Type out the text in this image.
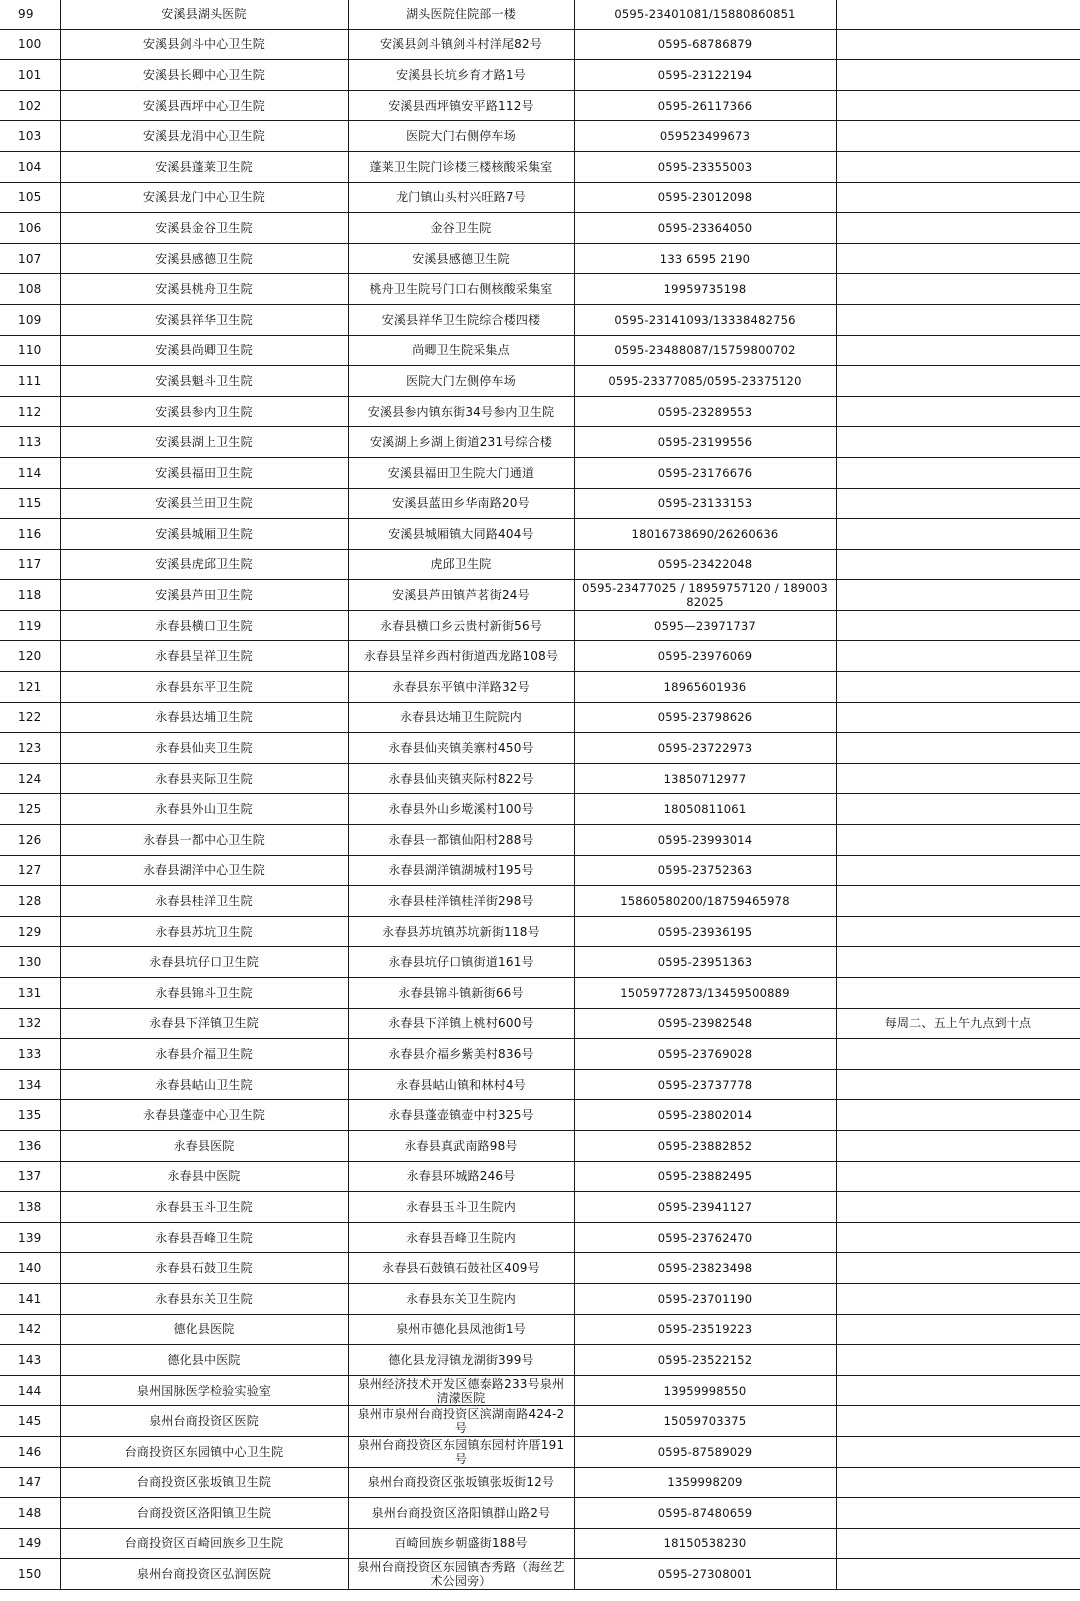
99	安溪县湖头医院	湖头医院住院部一楼	0595-23401081/15880860851	
100	安溪县剑斗中心卫生院	安溪县剑斗镇剑斗村洋尾82号	0595-68786879	
101	安溪县长卿中心卫生院	安溪县长坑乡育才路1号	0595-23122194	
102	安溪县西坪中心卫生院	安溪县西坪镇安平路112号	0595-26117366	
103	安溪县龙涓中心卫生院	医院大门右侧停车场	059523499673	
104	安溪县蓬莱卫生院	蓬莱卫生院门诊楼三楼核酸采集室	0595-23355003	
105	安溪县龙门中心卫生院	龙门镇山头村兴旺路7号	0595-23012098	
106	安溪县金谷卫生院	金谷卫生院	0595-23364050	
107	安溪县感德卫生院	安溪县感德卫生院	133 6595 2190	
108	安溪县桃舟卫生院	桃舟卫生院号门口右侧核酸采集室	19959735198	
109	安溪县祥华卫生院	安溪县祥华卫生院综合楼四楼	0595-23141093/13338482756	
110	安溪县尚卿卫生院	尚卿卫生院采集点	0595-23488087/15759800702	
111	安溪县魁斗卫生院	医院大门左侧停车场	0595-23377085/0595-23375120	
112	安溪县参内卫生院	安溪县参内镇东街34号参内卫生院	0595-23289553	
113	安溪县湖上卫生院	安溪湖上乡湖上街道231号综合楼	0595-23199556	
114	安溪县福田卫生院	安溪县福田卫生院大门通道	0595-23176676	
115	安溪县兰田卫生院	安溪县蓝田乡华南路20号	0595-23133153	
116	安溪县城厢卫生院	安溪县城厢镇大同路404号	18016738690/26260636	
117	安溪县虎邱卫生院	虎邱卫生院	0595-23422048	
118	安溪县芦田卫生院	安溪县芦田镇芦茗街24号	0595-23477025 / 18959757120 / 18900382025	
119	永春县横口卫生院	永春县横口乡云贵村新街56号	0595—23971737	
120	永春县呈祥卫生院	永春县呈祥乡西村街道西龙路108号	0595-23976069	
121	永春县东平卫生院	永春县东平镇中洋路32号	18965601936	
122	永春县达埔卫生院	永春县达埔卫生院院内	0595-23798626	
123	永春县仙夹卫生院	永春县仙夹镇美寨村450号	0595-23722973	
124	永春县夹际卫生院	永春县仙夹镇夹际村822号	13850712977	
125	永春县外山卫生院	永春县外山乡墘溪村100号	18050811061	
126	永春县一都中心卫生院	永春县一都镇仙阳村288号	0595-23993014	
127	永春县湖洋中心卫生院	永春县湖洋镇湖城村195号	0595-23752363	
128	永春县桂洋卫生院	永春县桂洋镇桂洋街298号	15860580200/18759465978	
129	永春县苏坑卫生院	永春县苏坑镇苏坑新街118号	0595-23936195	
130	永春县坑仔口卫生院	永春县坑仔口镇街道161号	0595-23951363	
131	永春县锦斗卫生院	永春县锦斗镇新街66号	15059772873/13459500889	
132	永春县下洋镇卫生院	永春县下洋镇上桃村600号	0595-23982548	每周二、五上午九点到十点
133	永春县介福卫生院	永春县介福乡紫美村836号	0595-23769028	
134	永春县岵山卫生院	永春县岵山镇和林村4号	0595-23737778	
135	永春县蓬壶中心卫生院	永春县蓬壶镇壶中村325号	0595-23802014	
136	永春县医院	永春县真武南路98号	0595-23882852	
137	永春县中医院	永春县环城路246号	0595-23882495	
138	永春县玉斗卫生院	永春县玉斗卫生院内	0595-23941127	
139	永春县吾峰卫生院	永春县吾峰卫生院内	0595-23762470	
140	永春县石鼓卫生院	永春县石鼓镇石鼓社区409号	0595-23823498	
141	永春县东关卫生院	永春县东关卫生院内	0595-23701190	
142	德化县医院	泉州市德化县凤池街1号	0595-23519223	
143	德化县中医院	德化县龙浔镇龙湖街399号	0595-23522152	
144	泉州国脉医学检验实验室	泉州经济技术开发区德泰路233号泉州清濛医院	13959998550	
145	泉州台商投资区医院	泉州市泉州台商投资区滨湖南路424-2号	15059703375	
146	台商投资区东园镇中心卫生院	泉州台商投资区东园镇东园村许厝191号	0595-87589029	
147	台商投资区张坂镇卫生院	泉州台商投资区张坂镇张坂街12号	1359998209	
148	台商投资区洛阳镇卫生院	泉州台商投资区洛阳镇群山路2号	0595-87480659	
149	台商投资区百崎回族乡卫生院	百崎回族乡朝盛街188号	18150538230	
150	泉州台商投资区弘润医院	泉州台商投资区东园镇杏秀路（海丝艺术公园旁）	0595-27308001	
